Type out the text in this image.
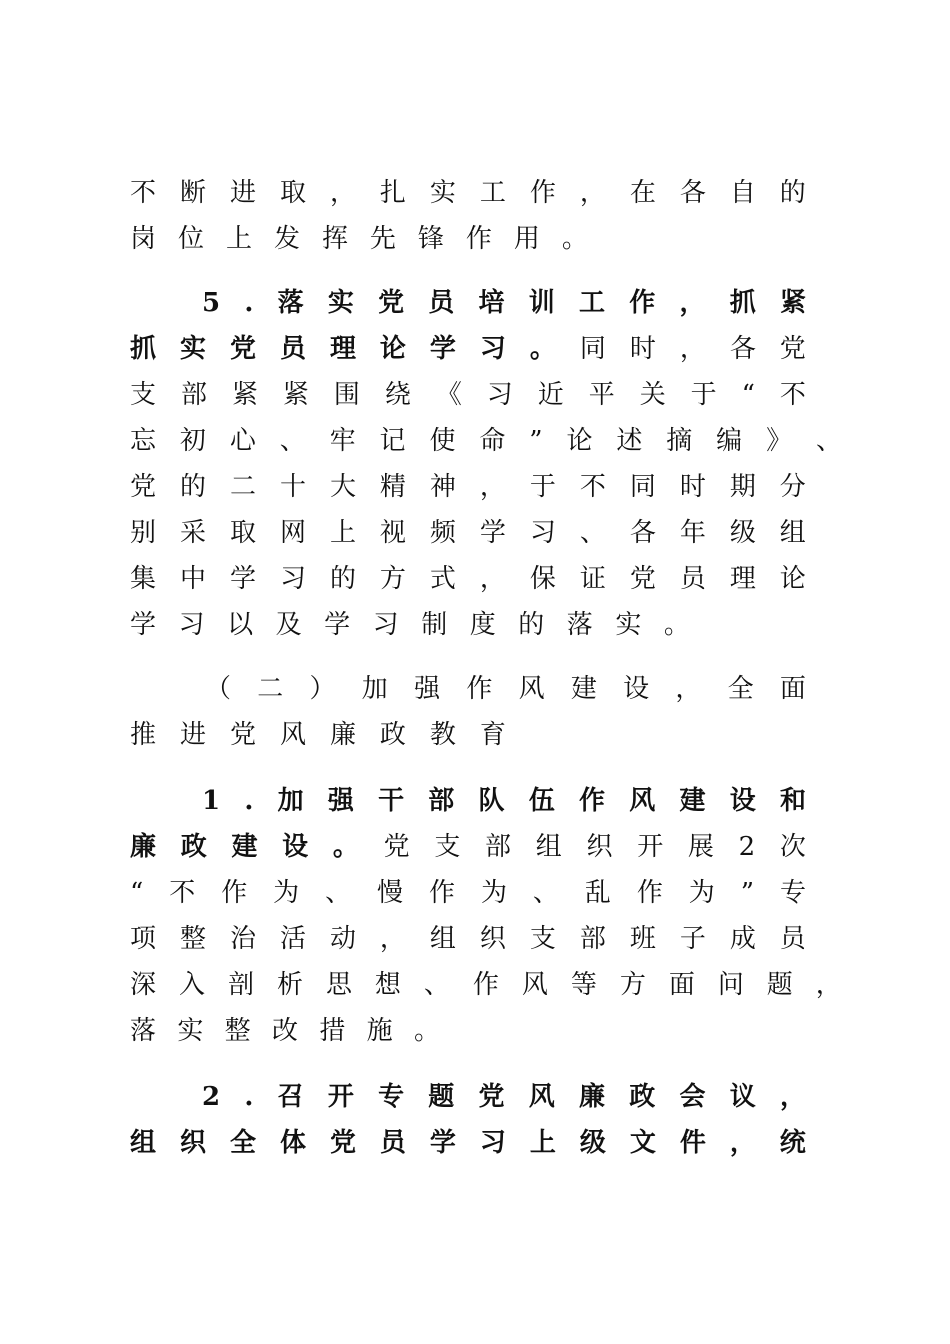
不 断 进 取 ， 扎 实 工 作 ， 在 各 自 的
岗 位 上 发 挥 先 锋 作 用 。
5 . 落 实 党 员 培 训 工 作 ， 抓 紧
抓 实 党 员 理 论 学 习 。 同 时 ， 各 党
支 部 紧 紧 围 绕 《 习 近 平 关 于 “ 不
忘 初 心 、 牢 记 使 命 ” 论 述 摘 编 》 、
党 的 二 十 大 精 神 ， 于 不 同 时 期 分
别 采 取 网 上 视 频 学 习 、 各 年 级 组
集 中 学 习 的 方 式 ， 保 证 党 员 理 论
学 习 以 及 学 习 制 度 的 落 实 。
（ 二 ） 加 强 作 风 建 设 ， 全 面
推 进 党 风 廉 政 教 育
1 . 加 强 干 部 队 伍 作 风 建 设 和
廉 政 建 设 。 党 支 部 组 织 开 展 2 次
“ 不 作 为 、 慢 作 为 、 乱 作 为 ” 专
项 整 治 活 动 ， 组 织 支 部 班 子 成 员
深 入 剖 析 思 想 、 作 风 等 方 面 问 题 ，
落 实 整 改 措 施 。
2 . 召 开 专 题 党 风 廉 政 会 议 ，
组 织 全 体 党 员 学 习 上 级 文 件 ， 统
